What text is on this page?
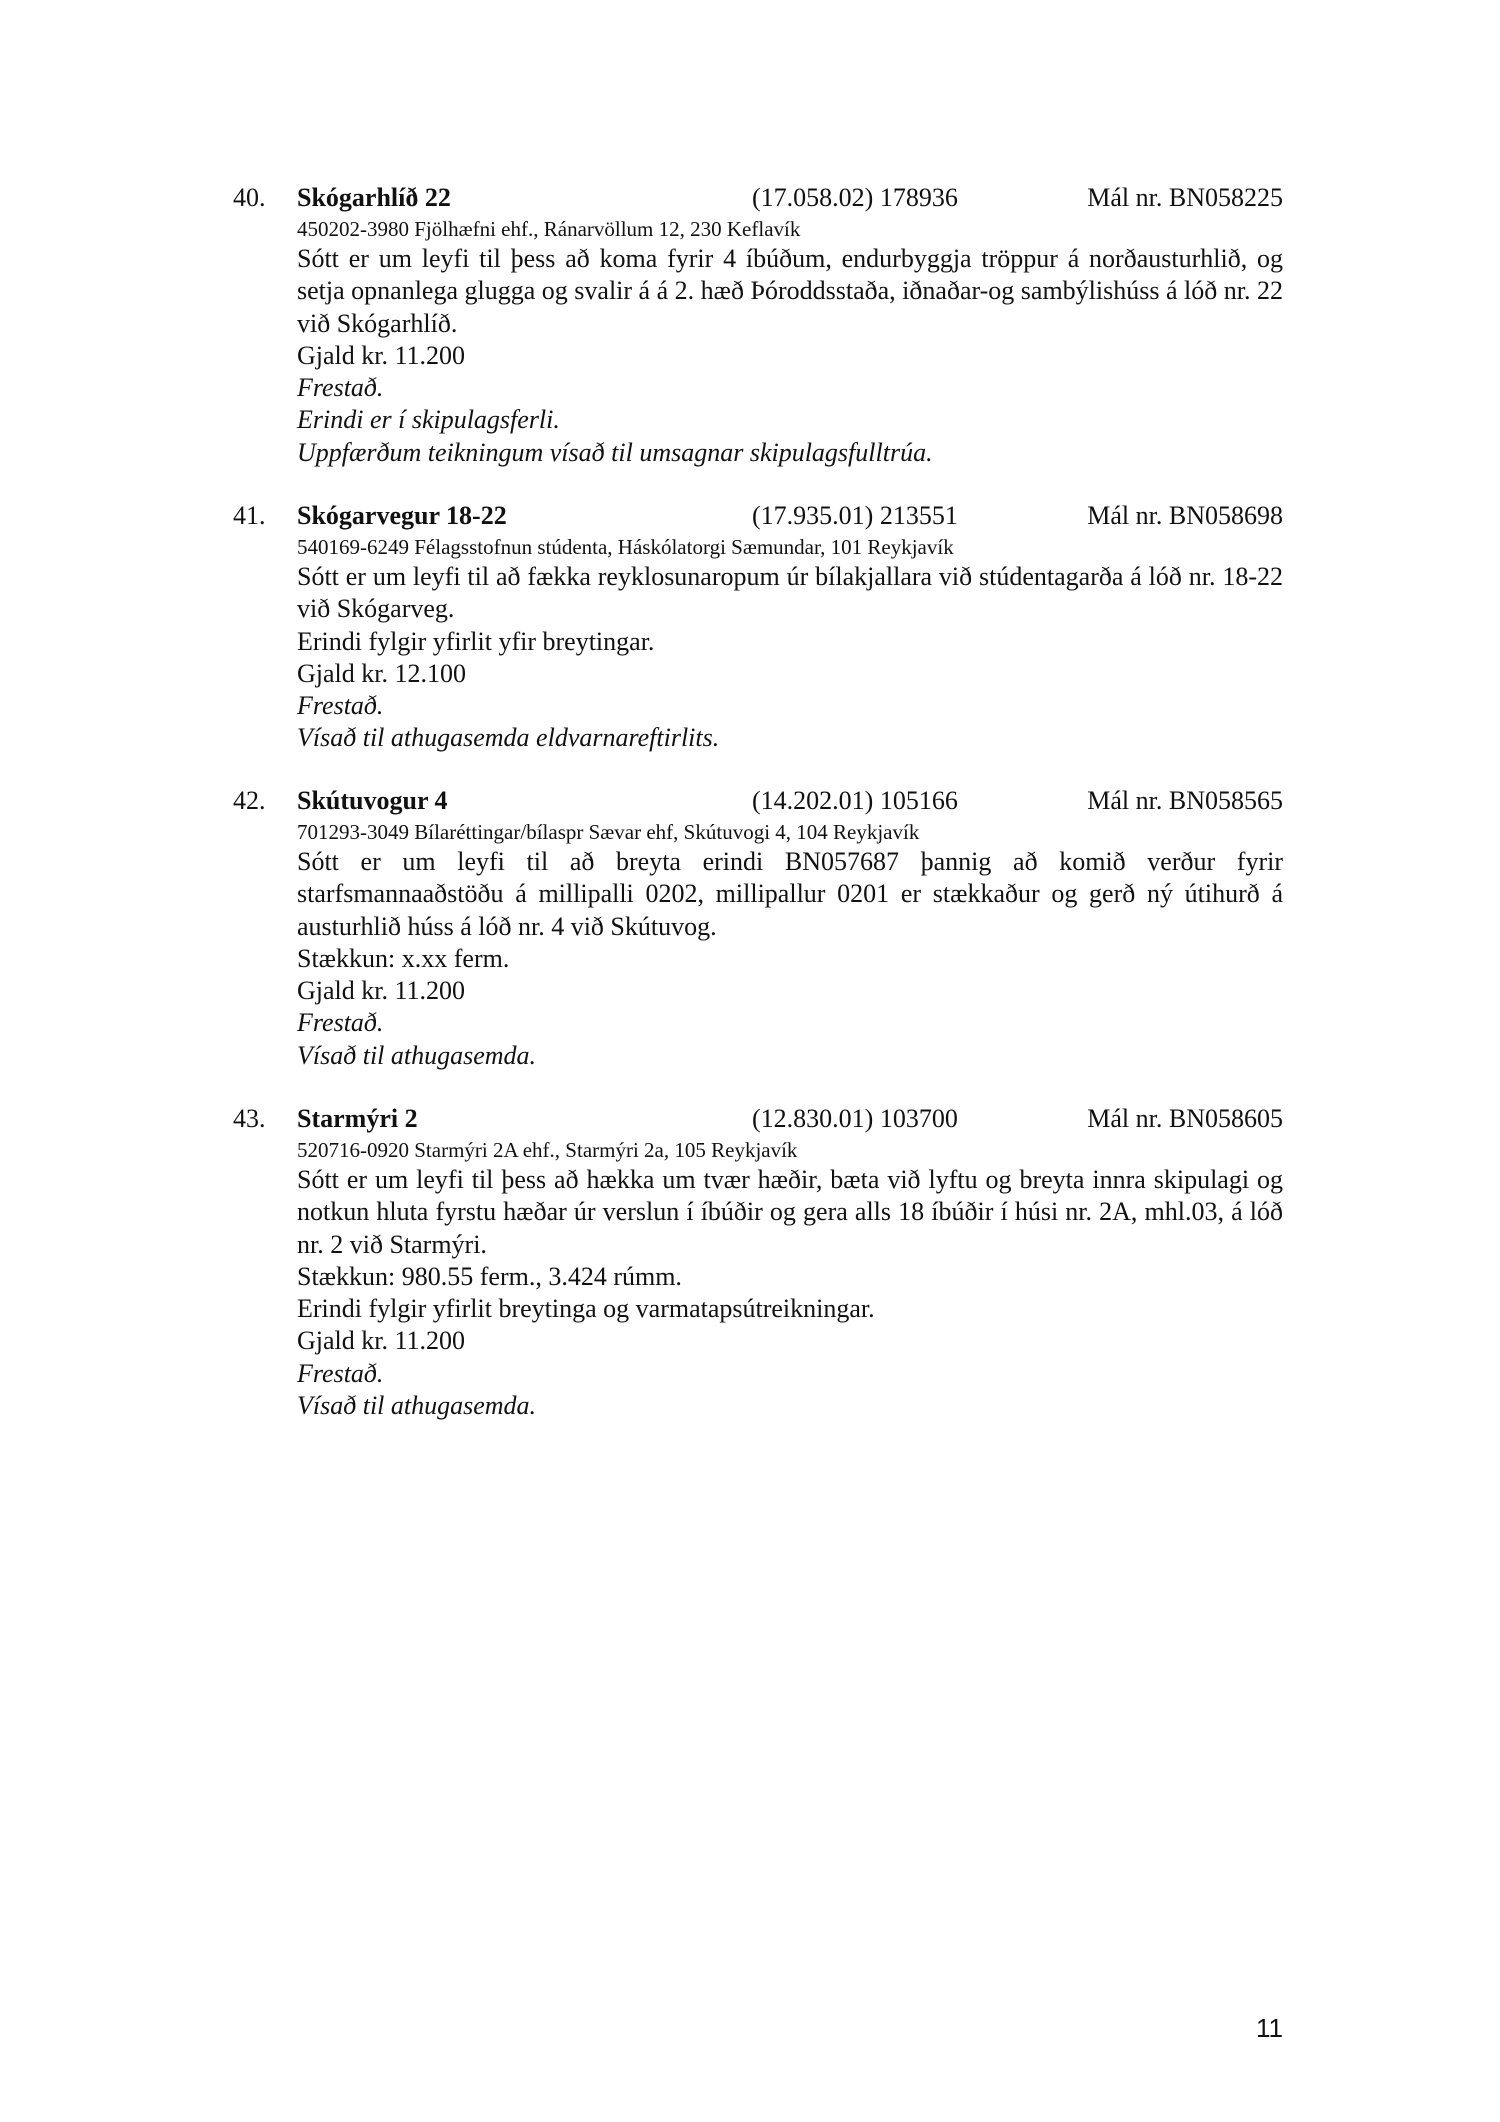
40. Skógarhlíð 22	(17.058.02) 178936	Mál nr. BN058225
450202-3980 Fjölhæfni ehf., Ránarvöllum 12, 230 Keflavík
Sótt er um leyfi til þess að koma fyrir 4 íbúðum, endurbyggja tröppur á norðausturhlið, og setja opnanlega glugga og svalir á á 2. hæð Þóroddsstaða, iðnaðar-og sambýlishúss á lóð nr. 22 við Skógarhlíð.
Gjald kr. 11.200
Frestað.
Erindi er í skipulagsferli.
Uppfærðum teikningum vísað til umsagnar skipulagsfulltrúa.
41. Skógarvegur 18-22	(17.935.01) 213551	Mál nr. BN058698
540169-6249 Félagsstofnun stúdenta, Háskólatorgi Sæmundar, 101 Reykjavík
Sótt er um leyfi til að fækka reyklosunaropum úr bílakjallara við stúdentagarða á lóð nr. 18-22 við Skógarveg.
Erindi fylgir yfirlit yfir breytingar.
Gjald kr. 12.100
Frestað.
Vísað til athugasemda eldvarnareftirlits.
42. Skútuvogur 4	(14.202.01) 105166	Mál nr. BN058565
701293-3049 Bílaréttingar/bílaspr Sævar ehf, Skútuvogi 4, 104 Reykjavík
Sótt er um leyfi til að breyta erindi BN057687 þannig að komið verður fyrir starfsmannaaðstöðu á millipalli 0202, millipallur 0201 er stækkaður og gerð ný útihurð á austurhlið húss á lóð nr. 4 við Skútuvog.
Stækkun: x.xx ferm.
Gjald kr. 11.200
Frestað.
Vísað til athugasemda.
43. Starmýri 2	(12.830.01) 103700	Mál nr. BN058605
520716-0920 Starmýri 2A ehf., Starmýri 2a, 105 Reykjavík
Sótt er um leyfi til þess að hækka um tvær hæðir, bæta við lyftu og breyta innra skipulagi og notkun hluta fyrstu hæðar úr verslun í íbúðir og gera alls 18 íbúðir í húsi nr. 2A, mhl.03, á lóð nr. 2 við Starmýri.
Stækkun: 980.55 ferm., 3.424 rúmm.
Erindi fylgir yfirlit breytinga og varmatapsútreikningar.
Gjald kr. 11.200
Frestað.
Vísað til athugasemda.
11
